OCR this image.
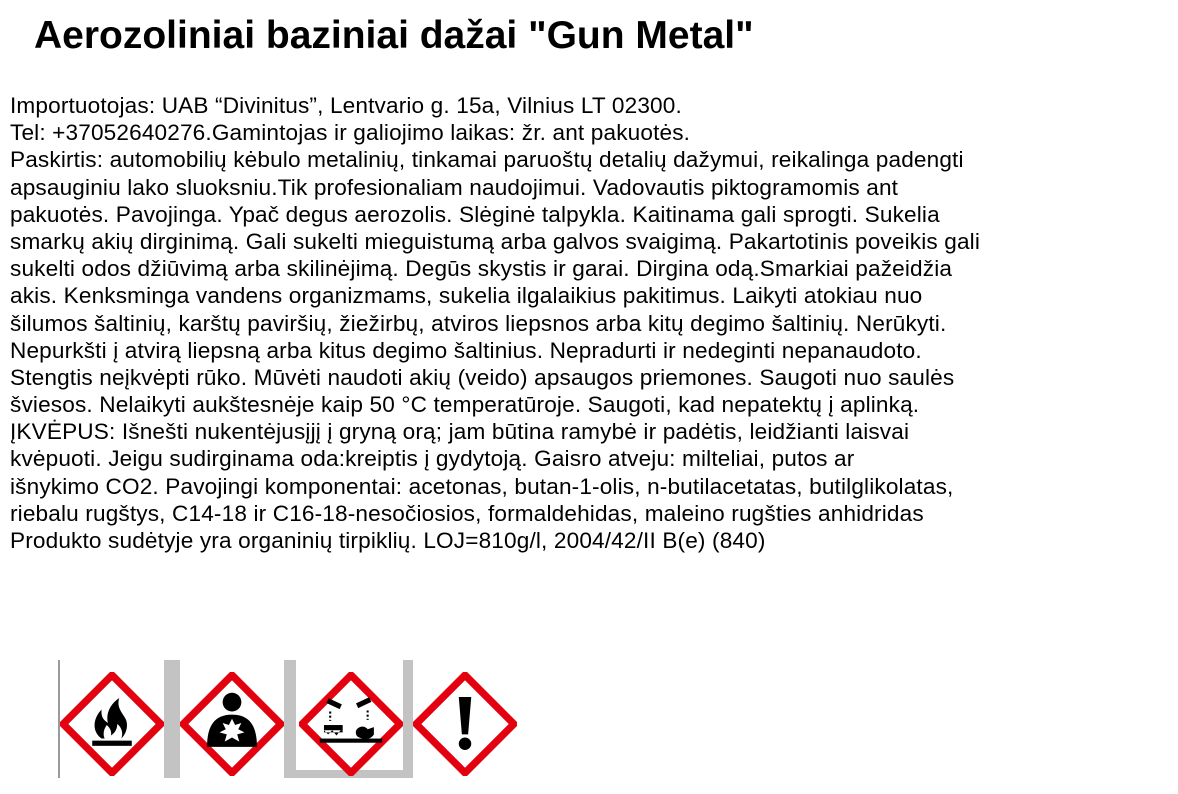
Aerozoliniai baziniai dažai "Gun Metal"
Importuotojas: UAB “Divinitus”, Lentvario g. 15a, Vilnius LT 02300.
Tel: +37052640276.Gamintojas ir galiojimo laikas: žr. ant pakuotės.
Paskirtis: automobilių kėbulo metalinių, tinkamai paruoštų detalių dažymui, reikalinga padengti
apsauginiu lako sluoksniu.Tik profesionaliam naudojimui. Vadovautis piktogramomis ant
pakuotės. Pavojinga. Ypač degus aerozolis. Slėginė talpykla. Kaitinama gali sprogti. Sukelia
smarkų akių dirginimą. Gali sukelti mieguistumą arba galvos svaigimą. Pakartotinis poveikis gali
sukelti odos džiūvimą arba skilinėjimą. Degūs skystis ir garai. Dirgina odą.Smarkiai pažeidžia
akis. Kenksminga vandens organizmams, sukelia ilgalaikius pakitimus. Laikyti atokiau nuo
šilumos šaltinių, karštų paviršių, žiežirbų, atviros liepsnos arba kitų degimo šaltinių. Nerūkyti.
Nepurkšti į atvirą liepsną arba kitus degimo šaltinius. Nepradurti ir nedeginti nepanaudoto.
Stengtis neįkvėpti rūko. Mūvėti naudoti akių (veido) apsaugos priemones. Saugoti nuo saulės
šviesos. Nelaikyti aukštesnėje kaip 50 °C temperatūroje. Saugoti, kad nepatektų į aplinką.
ĮKVĖPUS: Išnešti nukentėjusįjį į gryną orą; jam būtina ramybė ir padėtis, leidžianti laisvai
kvėpuoti. Jeigu sudirginama oda:kreiptis į gydytoją. Gaisro atveju: milteliai, putos ar
išnykimo CO2. Pavojingi komponentai: acetonas, butan-1-olis, n-butilacetatas, butilglikolatas,
riebalu rugštys, C14-18 ir C16-18-nesočiosios, formaldehidas, maleino rugšties anhidridas
Produkto sudėtyje yra organinių tirpiklių. LOJ=810g/l, 2004/42/II B(e) (840)
